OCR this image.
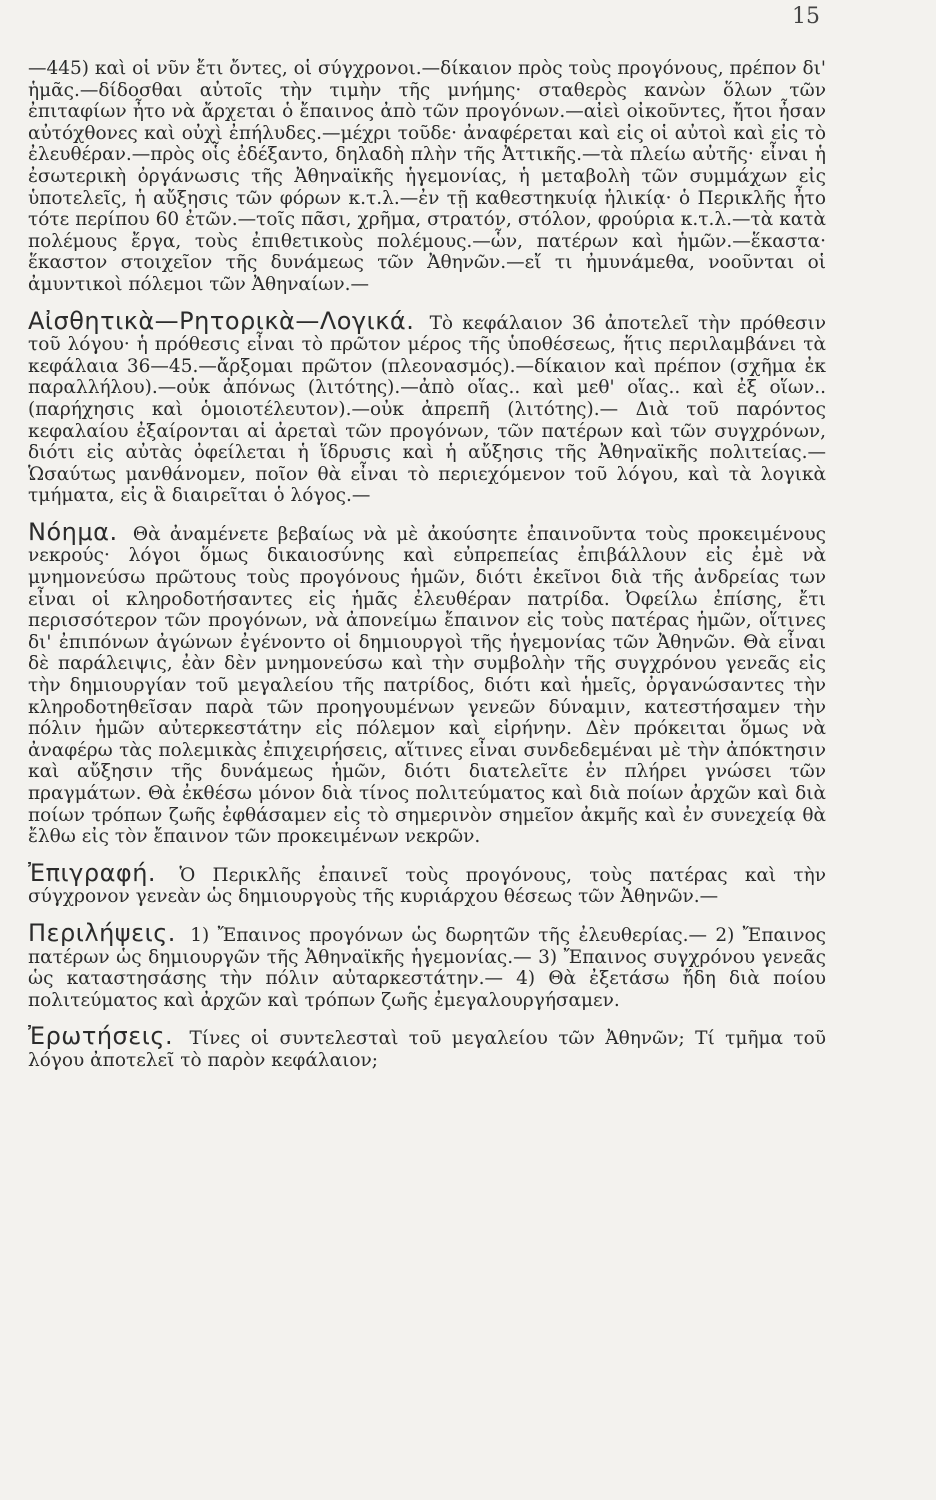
15

—445) καὶ οἱ νῦν ἔτι ὄντες, οἱ σύγχρονοι.—δίκαιον πρὸς τοὺς προγόνους, πρέπον δι' ἡμᾶς.—δίδοσθαι αὐτοῖς τὴν τιμὴν τῆς μνήμης· σταθερὸς κανὼν ὅλων τῶν ἐπιταφίων ἦτο νὰ ἄρχεται ὁ ἔπαινος ἀπὸ τῶν προγόνων.—αἰεὶ οἰκοῦντες, ἤτοι ἦσαν αὐτόχθονες καὶ οὐχὶ ἐπήλυδες.—μέχρι τοῦδε· ἀναφέρεται καὶ εἰς οἱ αὐτοὶ καὶ εἰς τὸ ἐλευθέραν.—πρὸς οἷς ἐδέξαντο, δηλαδὴ πλὴν τῆς Ἀττικῆς.—τὰ πλείω αὐτῆς· εἶναι ἡ ἐσωτερικὴ ὀργάνωσις τῆς Ἀθηναϊκῆς ἡγεμονίας, ἡ μεταβολὴ τῶν συμμάχων εἰς ὑποτελεῖς, ἡ αὔξησις τῶν φόρων κ.τ.λ.—ἐν τῇ καθεστηκυίᾳ ἡλικίᾳ· ὁ Περικλῆς ἦτο τότε περίπου 60 ἐτῶν.—τοῖς πᾶσι, χρῆμα, στρατόν, στόλον, φρούρια κ.τ.λ.—τὰ κατὰ πολέμους ἔργα, τοὺς ἐπιθετικοὺς πολέμους.—ὧν, πατέρων καὶ ἡμῶν.—ἕκαστα· ἕκαστον στοιχεῖον τῆς δυνάμεως τῶν Ἀθηνῶν.—εἴ τι ἠμυνάμεθα, νοοῦνται οἱ ἀμυντικοὶ πόλεμοι τῶν Ἀθηναίων.—

Αἰσθητικὰ—Ρητορικὰ—Λογικά. Τὸ κεφάλαιον 36 ἀποτελεῖ τὴν πρόθεσιν τοῦ λόγου· ἡ πρόθεσις εἶναι τὸ πρῶτον μέρος τῆς ὑποθέσεως, ἥτις περιλαμβάνει τὰ κεφάλαια 36—45.—ἄρξομαι πρῶτον (πλεονασμός).—δίκαιον καὶ πρέπον (σχῆμα ἐκ παραλλήλου).—οὐκ ἀπόνως (λιτότης).—ἀπὸ οἵας.. καὶ μεθ' οἵας.. καὶ ἐξ οἵων.. (παρήχησις καὶ ὁμοιοτέλευτον).—οὐκ ἀπρεπῆ (λιτότης).— Διὰ τοῦ παρόντος κεφαλαίου ἐξαίρονται αἱ ἀρεταὶ τῶν προγόνων, τῶν πατέρων καὶ τῶν συγχρόνων, διότι εἰς αὐτὰς ὀφείλεται ἡ ἵδρυσις καὶ ἡ αὔξησις τῆς Ἀθηναϊκῆς πολιτείας.— Ὡσαύτως μανθάνομεν, ποῖον θὰ εἶναι τὸ περιεχόμενον τοῦ λόγου, καὶ τὰ λογικὰ τμήματα, εἰς ἃ διαιρεῖται ὁ λόγος.—

Νόημα. Θὰ ἀναμένετε βεβαίως νὰ μὲ ἀκούσητε ἐπαινοῦντα τοὺς προκειμένους νεκρούς· λόγοι ὅμως δικαιοσύνης καὶ εὐπρεπείας ἐπιβάλλουν εἰς ἐμὲ νὰ μνημονεύσω πρῶτους τοὺς προγόνους ἡμῶν, διότι ἐκεῖνοι διὰ τῆς ἀνδρείας των εἶναι οἱ κληροδοτήσαντες εἰς ἡμᾶς ἐλευθέραν πατρίδα. Ὀφείλω ἐπίσης, ἔτι περισσότερον τῶν προγόνων, νὰ ἀπονείμω ἔπαινον εἰς τοὺς πατέρας ἡμῶν, οἵτινες δι' ἐπιπόνων ἀγώνων ἐγένοντο οἱ δημιουργοὶ τῆς ἡγεμονίας τῶν Ἀθηνῶν. Θὰ εἶναι δὲ παράλειψις, ἐὰν δὲν μνημονεύσω καὶ τὴν συμβολὴν τῆς συγχρόνου γενεᾶς εἰς τὴν δημιουργίαν τοῦ μεγαλείου τῆς πατρίδος, διότι καὶ ἡμεῖς, ὀργανώσαντες τὴν κληροδοτηθεῖσαν παρὰ τῶν προηγουμένων γενεῶν δύναμιν, κατεστήσαμεν τὴν πόλιν ἡμῶν αὐτερκεστάτην εἰς πόλεμον καὶ εἰρήνην. Δὲν πρόκειται ὅμως νὰ ἀναφέρω τὰς πολεμικὰς ἐπιχειρήσεις, αἵτινες εἶναι συνδεδεμέναι μὲ τὴν ἀπόκτησιν καὶ αὔξησιν τῆς δυνάμεως ἡμῶν, διότι διατελεῖτε ἐν πλήρει γνώσει τῶν πραγμάτων. Θὰ ἐκθέσω μόνον διὰ τίνος πολιτεύματος καὶ διὰ ποίων ἀρχῶν καὶ διὰ ποίων τρόπων ζωῆς ἐφθάσαμεν εἰς τὸ σημερινὸν σημεῖον ἀκμῆς καὶ ἐν συνεχείᾳ θὰ ἔλθω εἰς τὸν ἔπαινον τῶν προκειμένων νεκρῶν.

Ἐπιγραφή. Ὁ Περικλῆς ἐπαινεῖ τοὺς προγόνους, τοὺς πατέρας καὶ τὴν σύγχρονον γενεὰν ὡς δημιουργοὺς τῆς κυριάρχου θέσεως τῶν Ἀθηνῶν.—

Περιλήψεις. 1) Ἔπαινος προγόνων ὡς δωρητῶν τῆς ἐλευθερίας.— 2) Ἔπαινος πατέρων ὡς δημιουργῶν τῆς Ἀθηναϊκῆς ἡγεμονίας.— 3) Ἔπαινος συγχρόνου γενεᾶς ὡς καταστησάσης τὴν πόλιν αὐταρκεστάτην.— 4) Θὰ ἐξετάσω ἤδη διὰ ποίου πολιτεύματος καὶ ἀρχῶν καὶ τρόπων ζωῆς ἐμεγαλουργήσαμεν.

Ἐρωτήσεις. Τίνες οἱ συντελεσταὶ τοῦ μεγαλείου τῶν Ἀθηνῶν; Τί τμῆμα τοῦ λόγου ἀποτελεῖ τὸ παρὸν κεφάλαιον;
